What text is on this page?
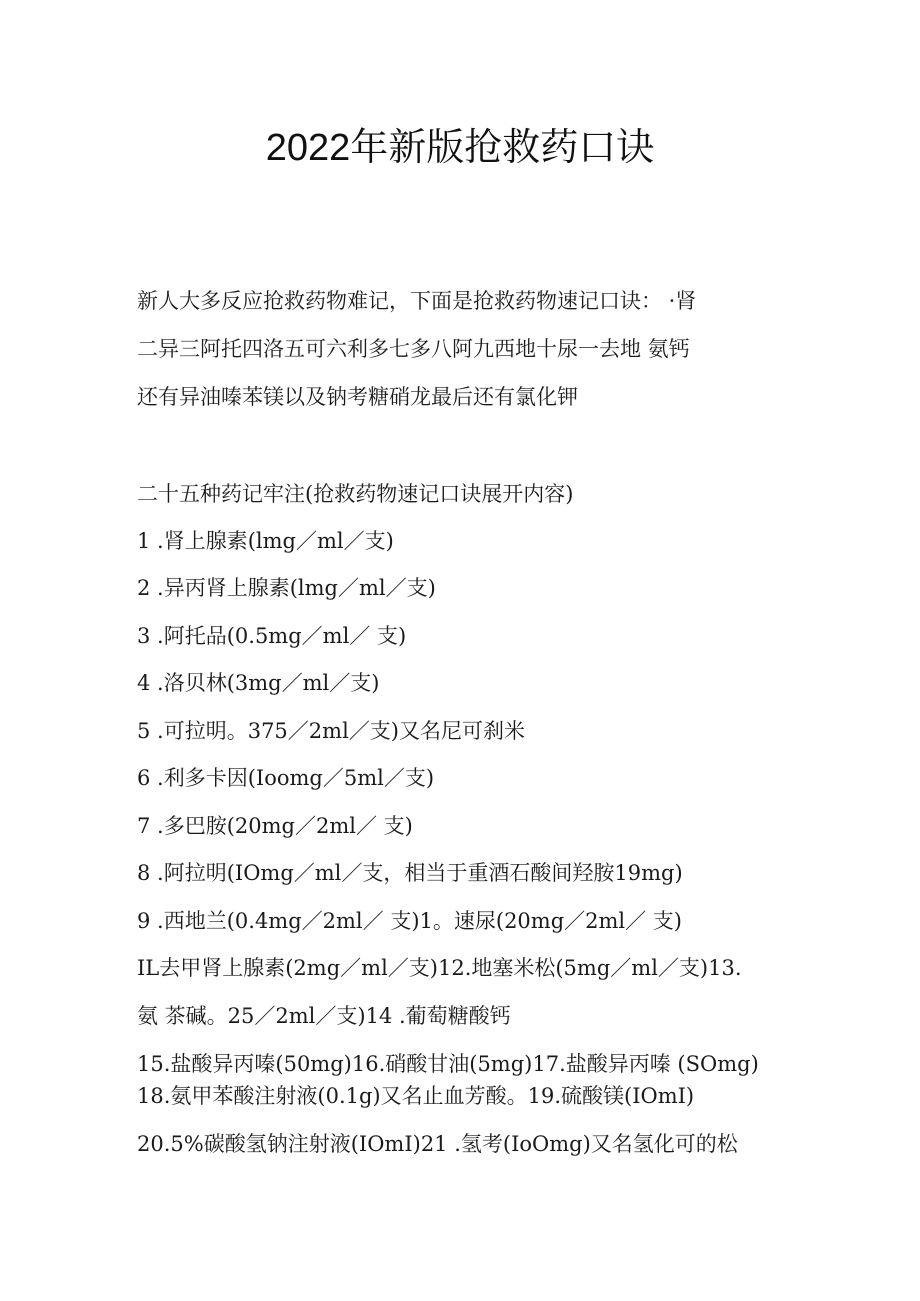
2022年新版抢救药口诀
新人大多反应抢救药物难记，下面是抢救药物速记口诀： ·肾
二异三阿托四洛五可六利多七多八阿九西地十尿一去地 氨钙
还有异油嗪苯镁以及钠考糖硝龙最后还有氯化钾
二十五种药记牢注(抢救药物速记口诀展开内容)
1 .肾上腺素(lmg／ml／支)
2 .异丙肾上腺素(lmg／ml／支)
3 .阿托品(0.5mg／ml／ 支)
4 .洛贝林(3mg／ml／支)
5 .可拉明。375／2ml／支)又名尼可刹米
6 .利多卡因(Ioomg／5ml／支)
7 .多巴胺(20mg／2ml／ 支)
8 .阿拉明(IOmg／ml／支，相当于重酒石酸间羟胺19mg)
9 .西地兰(0.4mg／2ml／ 支)1。速尿(20mg／2ml／ 支)
IL去甲肾上腺素(2mg／ml／支)12.地塞米松(5mg／ml／支)13.
氨 茶碱。25／2ml／支)14 .葡萄糖酸钙
15.盐酸异丙嗪(50mg)16.硝酸甘油(5mg)17.盐酸异丙嗪 (SOmg)
18.氨甲苯酸注射液(0.1g)又名止血芳酸。19.硫酸镁(IOmI)
20.5%碳酸氢钠注射液(IOmI)21 .氢考(IoOmg)又名氢化可的松
